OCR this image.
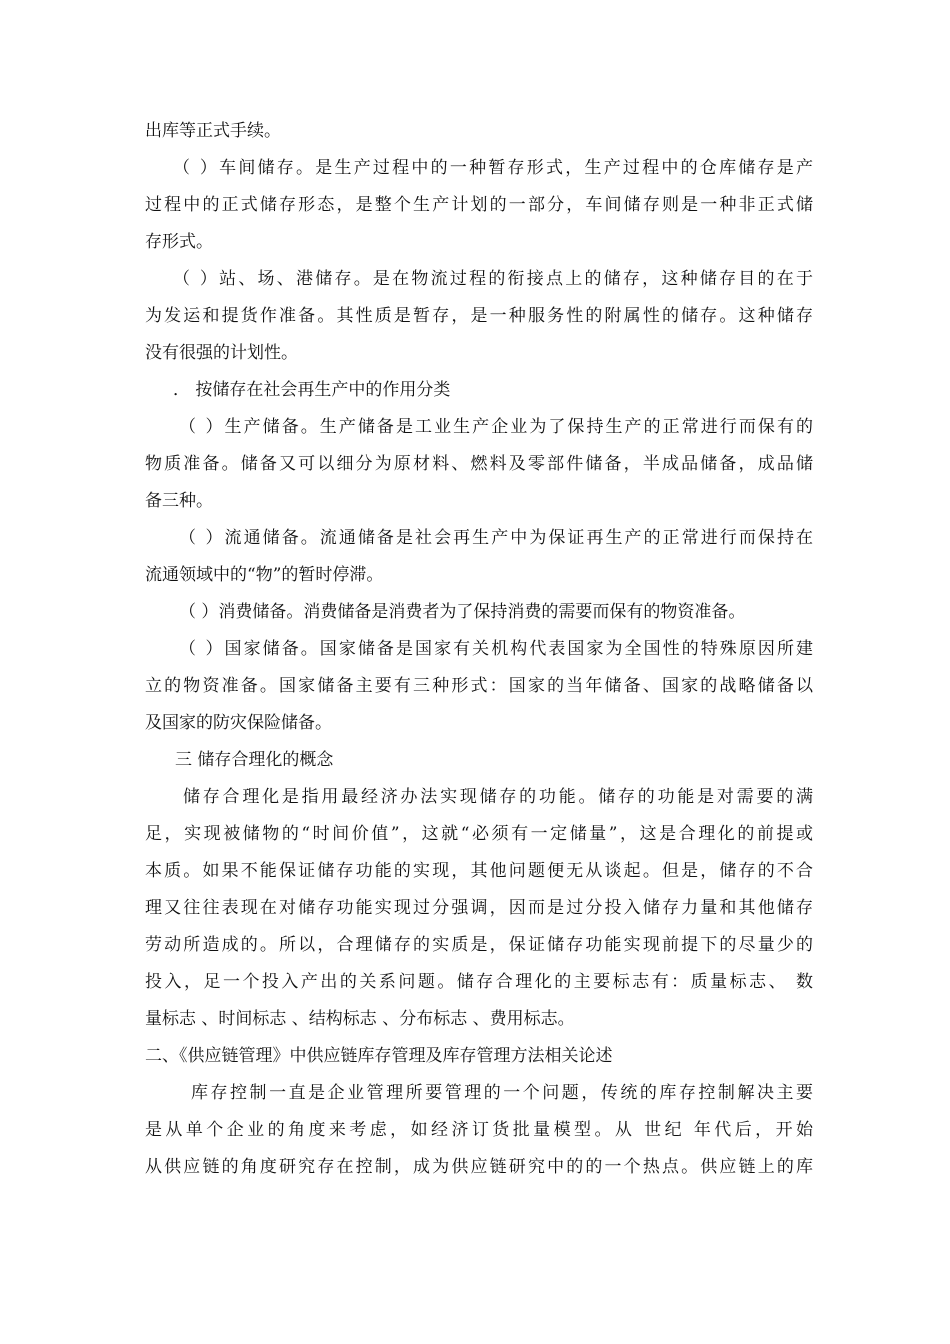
出库等正式手续。
（ ）车间储存。是生产过程中的一种暂存形式，生产过程中的仓库储存是产
过程中的正式储存形态，是整个生产计划的一部分，车间储存则是一种非正式储
存形式。
（ ）站、场、港储存。是在物流过程的衔接点上的储存，这种储存目的在于
为发运和提货作准备。其性质是暂存，是一种服务性的附属性的储存。这种储存
没有很强的计划性。
． 按储存在社会再生产中的作用分类
（ ）生产储备。生产储备是工业生产企业为了保持生产的正常进行而保有的
物质准备。储备又可以细分为原材料、燃料及零部件储备，半成品储备，成品储
备三种。
（ ）流通储备。流通储备是社会再生产中为保证再生产的正常进行而保持在
流通领域中的“物”的暂时停滞。
（ ）消费储备。消费储备是消费者为了保持消费的需要而保有的物资准备。
（ ）国家储备。国家储备是国家有关机构代表国家为全国性的特殊原因所建
立的物资准备。国家储备主要有三种形式：国家的当年储备、国家的战略储备以
及国家的防灾保险储备。
三 储存合理化的概念
储存合理化是指用最经济办法实现储存的功能。储存的功能是对需要的满
足，实现被储物的“时间价值”，这就“必须有一定储量”，这是合理化的前提或
本质。如果不能保证储存功能的实现，其他问题便无从谈起。但是，储存的不合
理又往往表现在对储存功能实现过分强调，因而是过分投入储存力量和其他储存
劳动所造成的。所以，合理储存的实质是，保证储存功能实现前提下的尽量少的
投入，足一个投入产出的关系问题。储存合理化的主要标志有：质量标志、 数
量标志 、时间标志 、结构标志 、分布标志 、费用标志。
二、《供应链管理》中供应链库存管理及库存管理方法相关论述
库存控制一直是企业管理所要管理的一个问题，传统的库存控制解决主要
是从单个企业的角度来考虑，如经济订货批量模型。从 世纪 年代后，开始
从供应链的角度研究存在控制，成为供应链研究中的的一个热点。供应链上的库
